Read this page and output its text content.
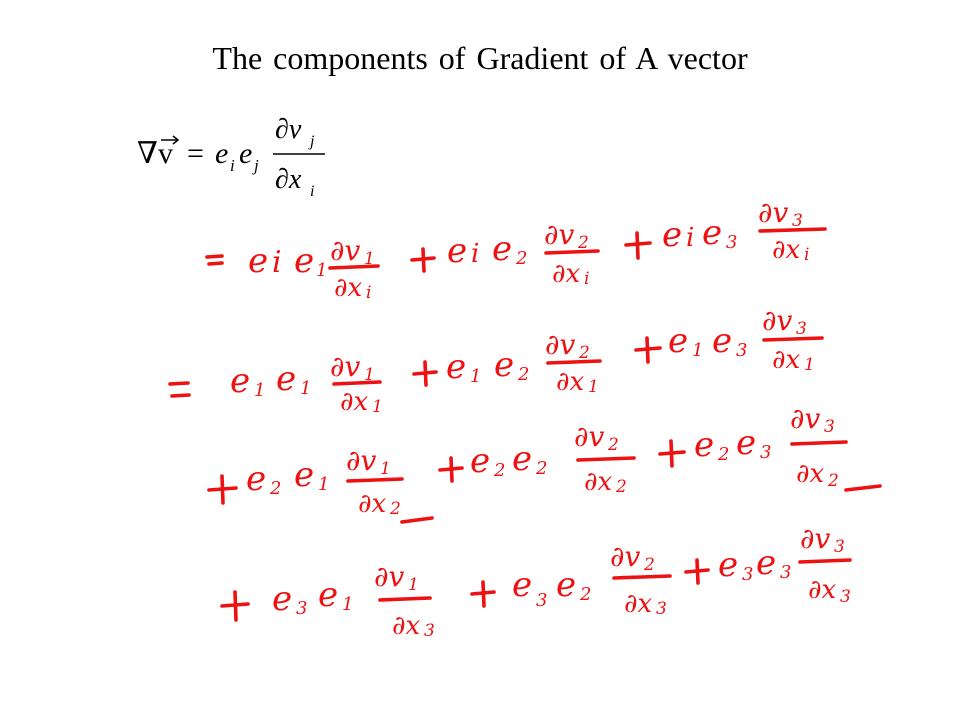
The components of Gradient of A vector
∇v = e i e j
∂v j
∂x i
e i e 1
∂v 1
∂x i
e i e 2
∂v 2
∂x i
e i e 3
∂v 3
∂x i
e 1 e 1
∂v 1
∂x 1
e 1 e 2
∂v 2
∂x 1
e 1 e 3
∂v 3
∂x 1
e 2 e 1
∂v 1
∂x 2
e 2 e 2
∂v 2
∂x 2
e 2 e 3
∂v 3
∂x 2
e 3 e 1
∂v 1
∂x 3
e 3 e 2
∂v 2
∂x 3
e 3 e 3
∂v 3
∂x 3
